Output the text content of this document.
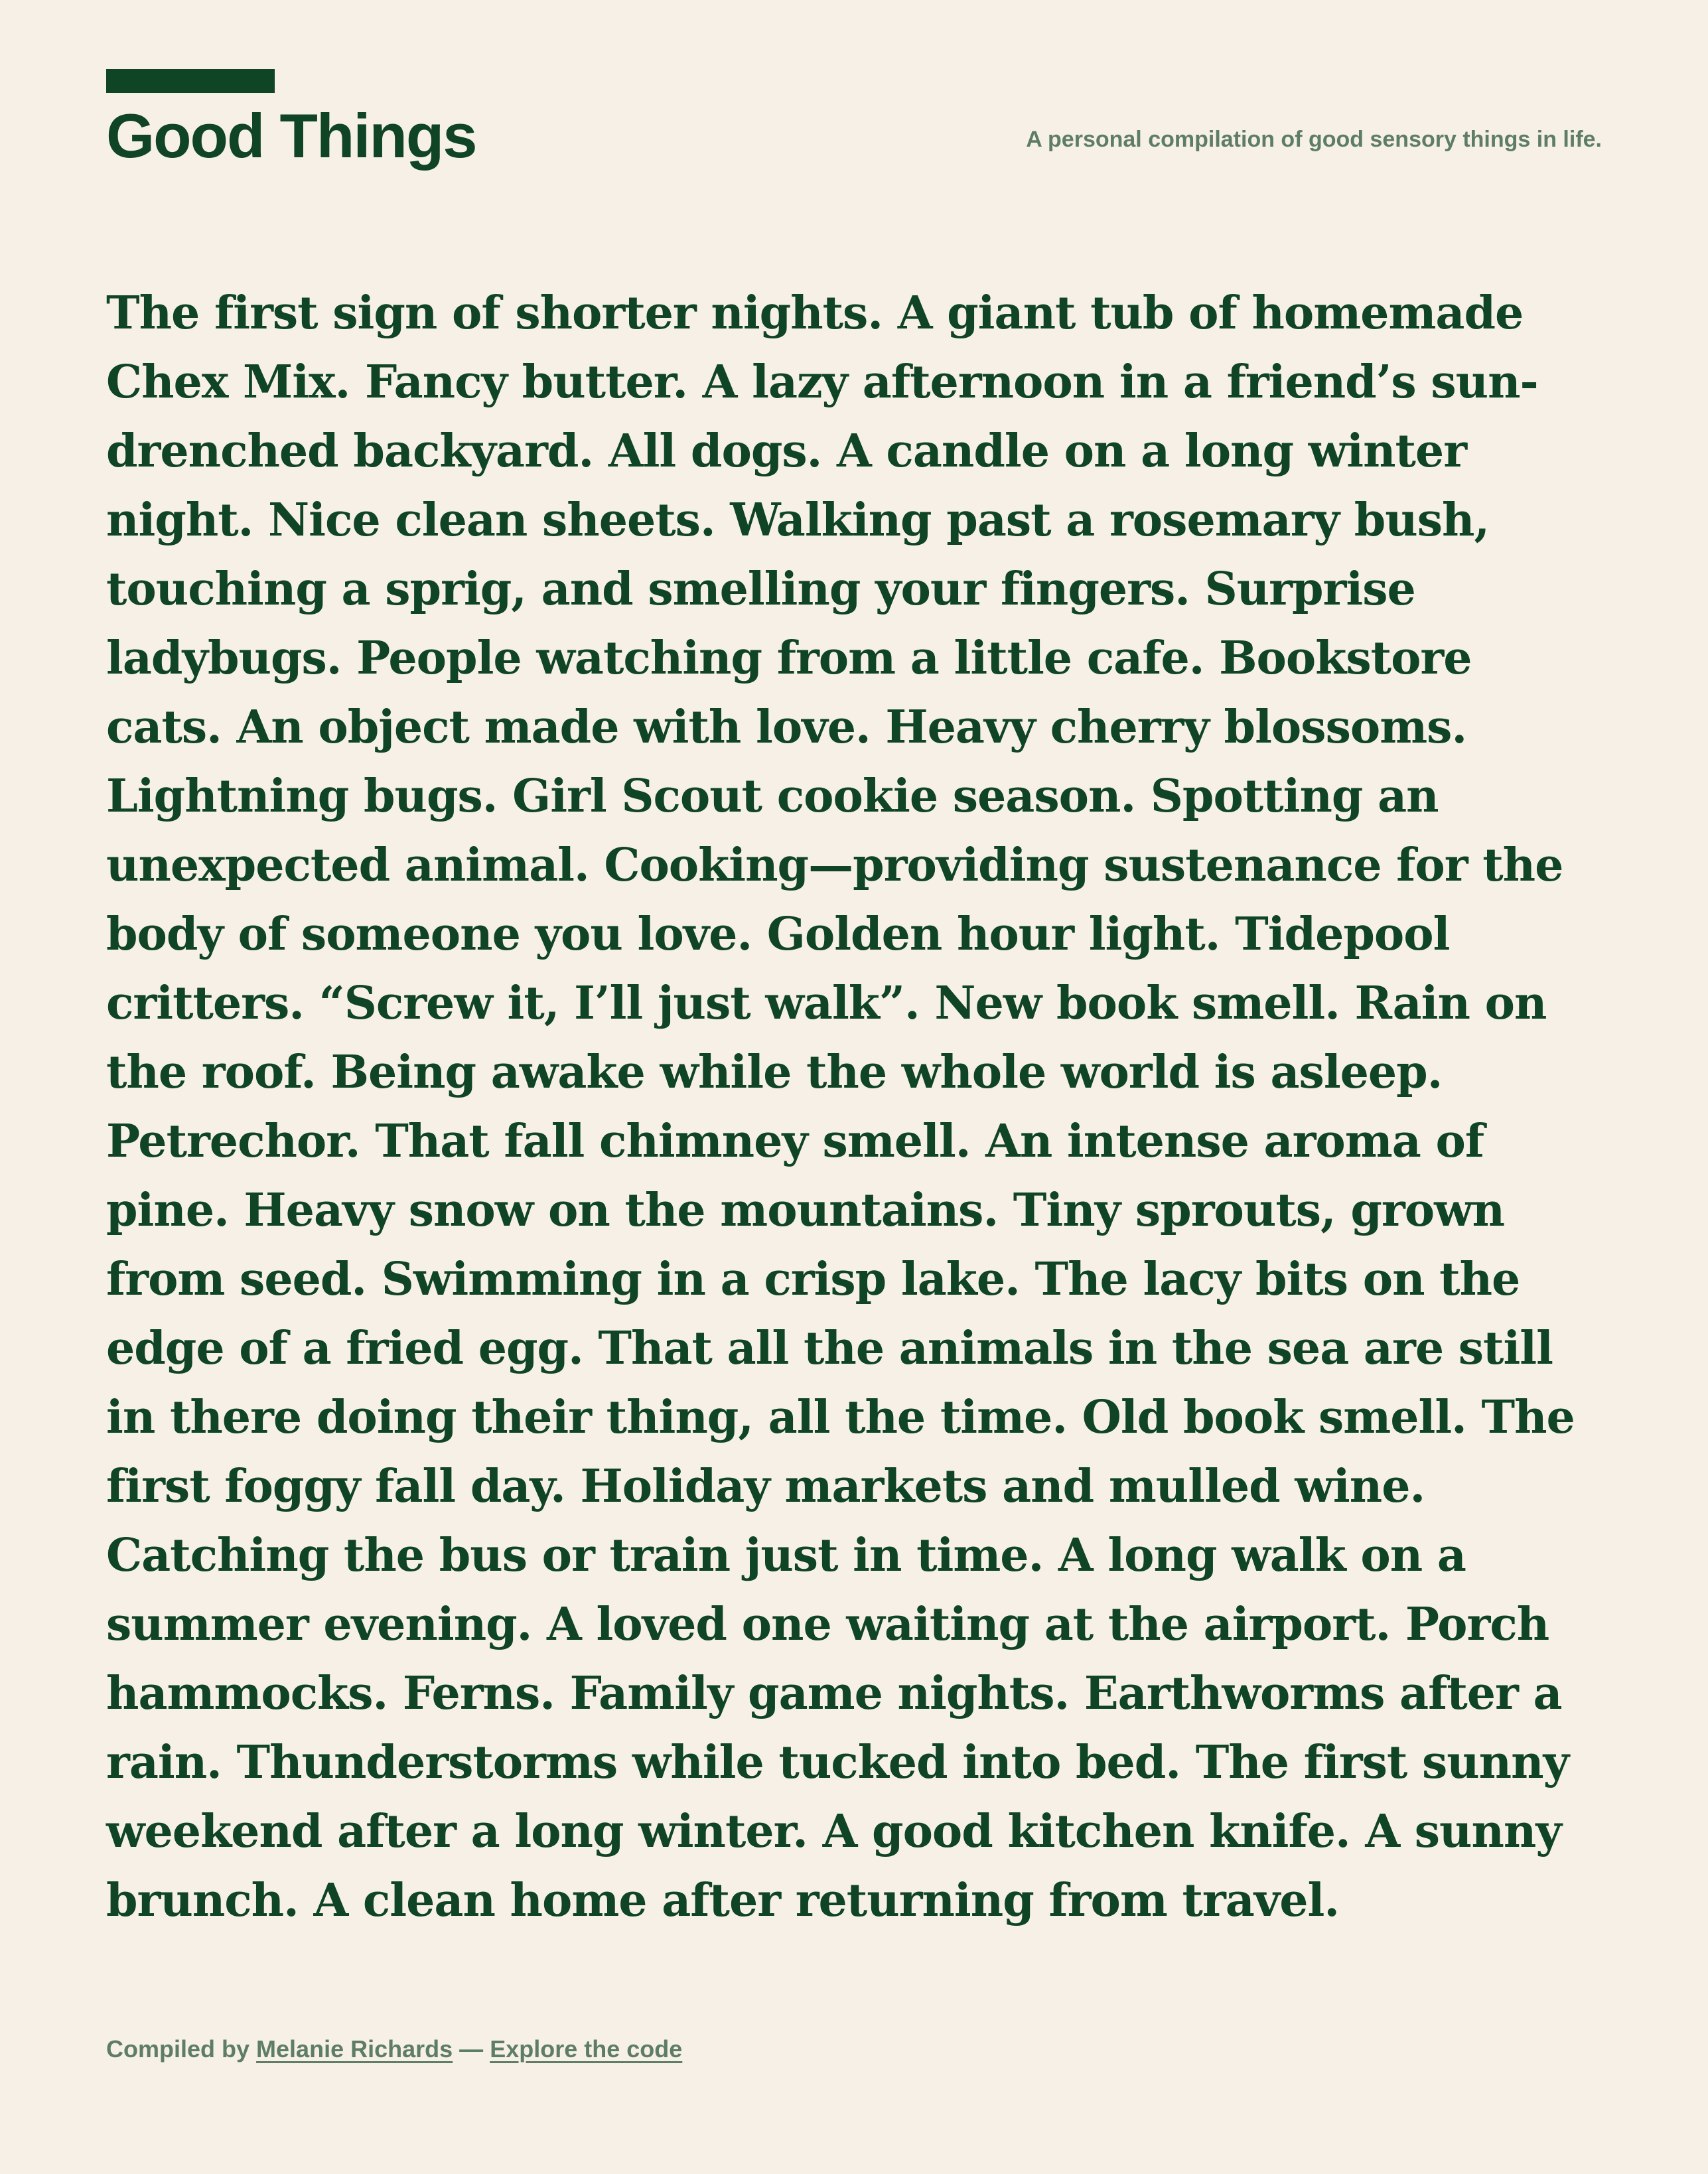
Good Things	A personal compilation of good sensory things in life.

The first sign of shorter nights. A giant tub of homemade Chex Mix. Fancy butter. A lazy afternoon in a friend’s sun-drenched backyard. All dogs. A candle on a long winter night. Nice clean sheets. Walking past a rosemary bush, touching a sprig, and smelling your fingers. Surprise ladybugs. People watching from a little cafe. Bookstore cats. An object made with love. Heavy cherry blossoms. Lightning bugs. Girl Scout cookie season. Spotting an unexpected animal. Cooking—providing sustenance for the body of someone you love. Golden hour light. Tidepool critters. “Screw it, I’ll just walk”. New book smell. Rain on the roof. Being awake while the whole world is asleep. Petrechor. That fall chimney smell. An intense aroma of pine. Heavy snow on the mountains. Tiny sprouts, grown from seed. Swimming in a crisp lake. The lacy bits on the edge of a fried egg. That all the animals in the sea are still in there doing their thing, all the time. Old book smell. The first foggy fall day. Holiday markets and mulled wine. Catching the bus or train just in time. A long walk on a summer evening. A loved one waiting at the airport. Porch hammocks. Ferns. Family game nights. Earthworms after a rain. Thunderstorms while tucked into bed. The first sunny weekend after a long winter. A good kitchen knife. A sunny brunch. A clean home after returning from travel.

Compiled by Melanie Richards — Explore the code
